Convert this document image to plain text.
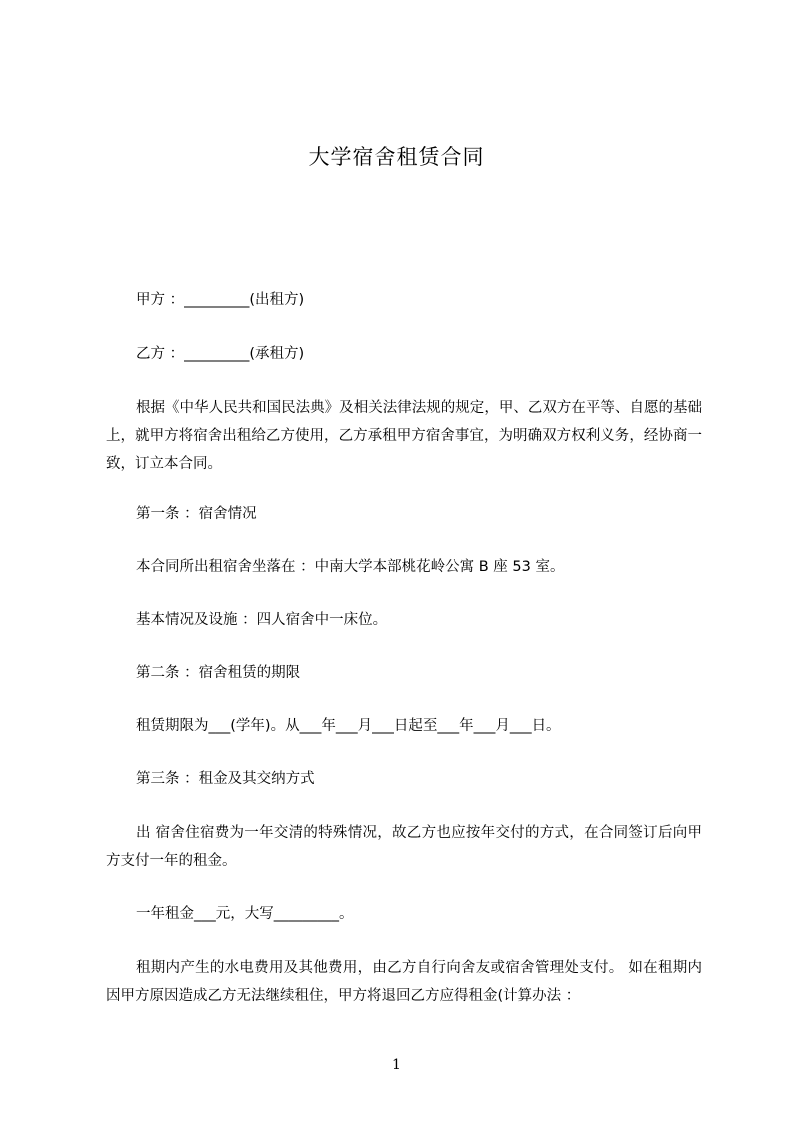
大学宿舍租赁合同
甲方 ：_________(出租方)
乙方 ：_________(承租方)
根据《中华人民共和国民法典》及相关法律法规的规定，甲、乙双方在平等、自愿的基础上，就甲方将宿舍出租给乙方使用，乙方承租甲方宿舍事宜，为明确双方权利义务，经协商一致，订立本合同。
第一条 ：宿舍情况
本合同所出租宿舍坐落在 ：中南大学本部桃花岭公寓 B 座 53 室。
基本情况及设施 ：四人宿舍中一床位。
第二条 ：宿舍租赁的期限
租赁期限为___(学年)。从___年___月___日起至___年___月___日。
第三条 ：租金及其交纳方式
出 宿舍住宿费为一年交清的特殊情况，故乙方也应按年交付的方式，在合同签订后向甲方支付一年的租金。
一年租金___元，大写_________。
租期内产生的水电费用及其他费用，由乙方自行向舍友或宿舍管理处支付。 如在租期内因甲方原因造成乙方无法继续租住，甲方将退回乙方应得租金(计算办法 ：
1
